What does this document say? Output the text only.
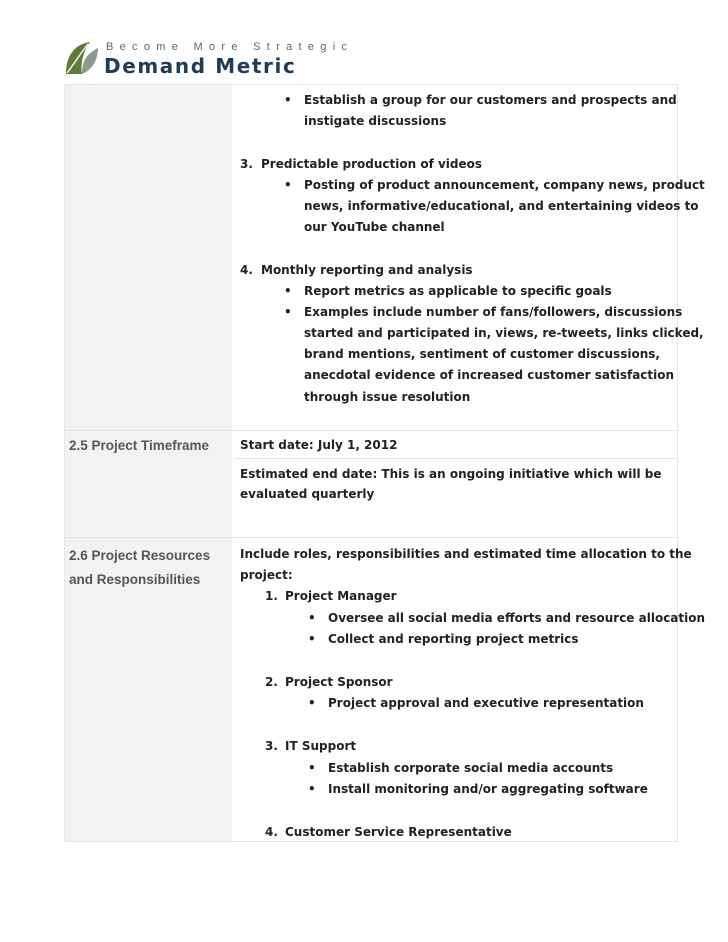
Become More Strategic
Demand Metric
• Establish a group for our customers and prospects and
instigate discussions
3. Predictable production of videos
• Posting of product announcement, company news, product
news, informative/educational, and entertaining videos to
our YouTube channel
4. Monthly reporting and analysis
• Report metrics as applicable to specific goals
• Examples include number of fans/followers, discussions
started and participated in, views, re-tweets, links clicked,
brand mentions, sentiment of customer discussions,
anecdotal evidence of increased customer satisfaction
through issue resolution
2.5 Project Timeframe	Start date: July 1, 2012
Estimated end date: This is an ongoing initiative which will be
evaluated quarterly
2.6 Project Resources
and Responsibilities
Include roles, responsibilities and estimated time allocation to the
project:
1. Project Manager
• Oversee all social media efforts and resource allocation
• Collect and reporting project metrics
2. Project Sponsor
• Project approval and executive representation
3. IT Support
• Establish corporate social media accounts
• Install monitoring and/or aggregating software
4. Customer Service Representative
